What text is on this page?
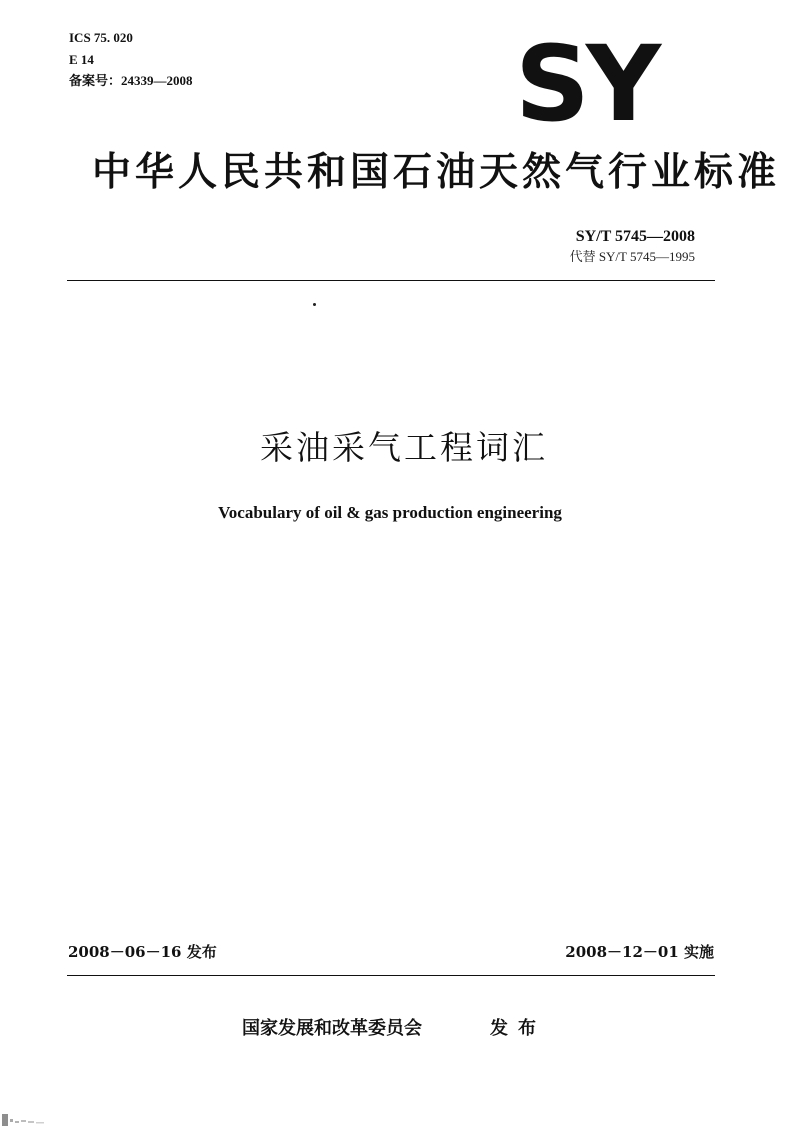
ICS 75. 020
E 14
备案号：24339—2008	SY
中华人民共和国石油天然气行业标准
SY/T 5745—2008
代替 SY/T 5745—1995
采油采气工程词汇
Vocabulary of oil & gas production engineering
2008－06－16 发布	2008－12－01 实施
国家发展和改革委员会	发布
